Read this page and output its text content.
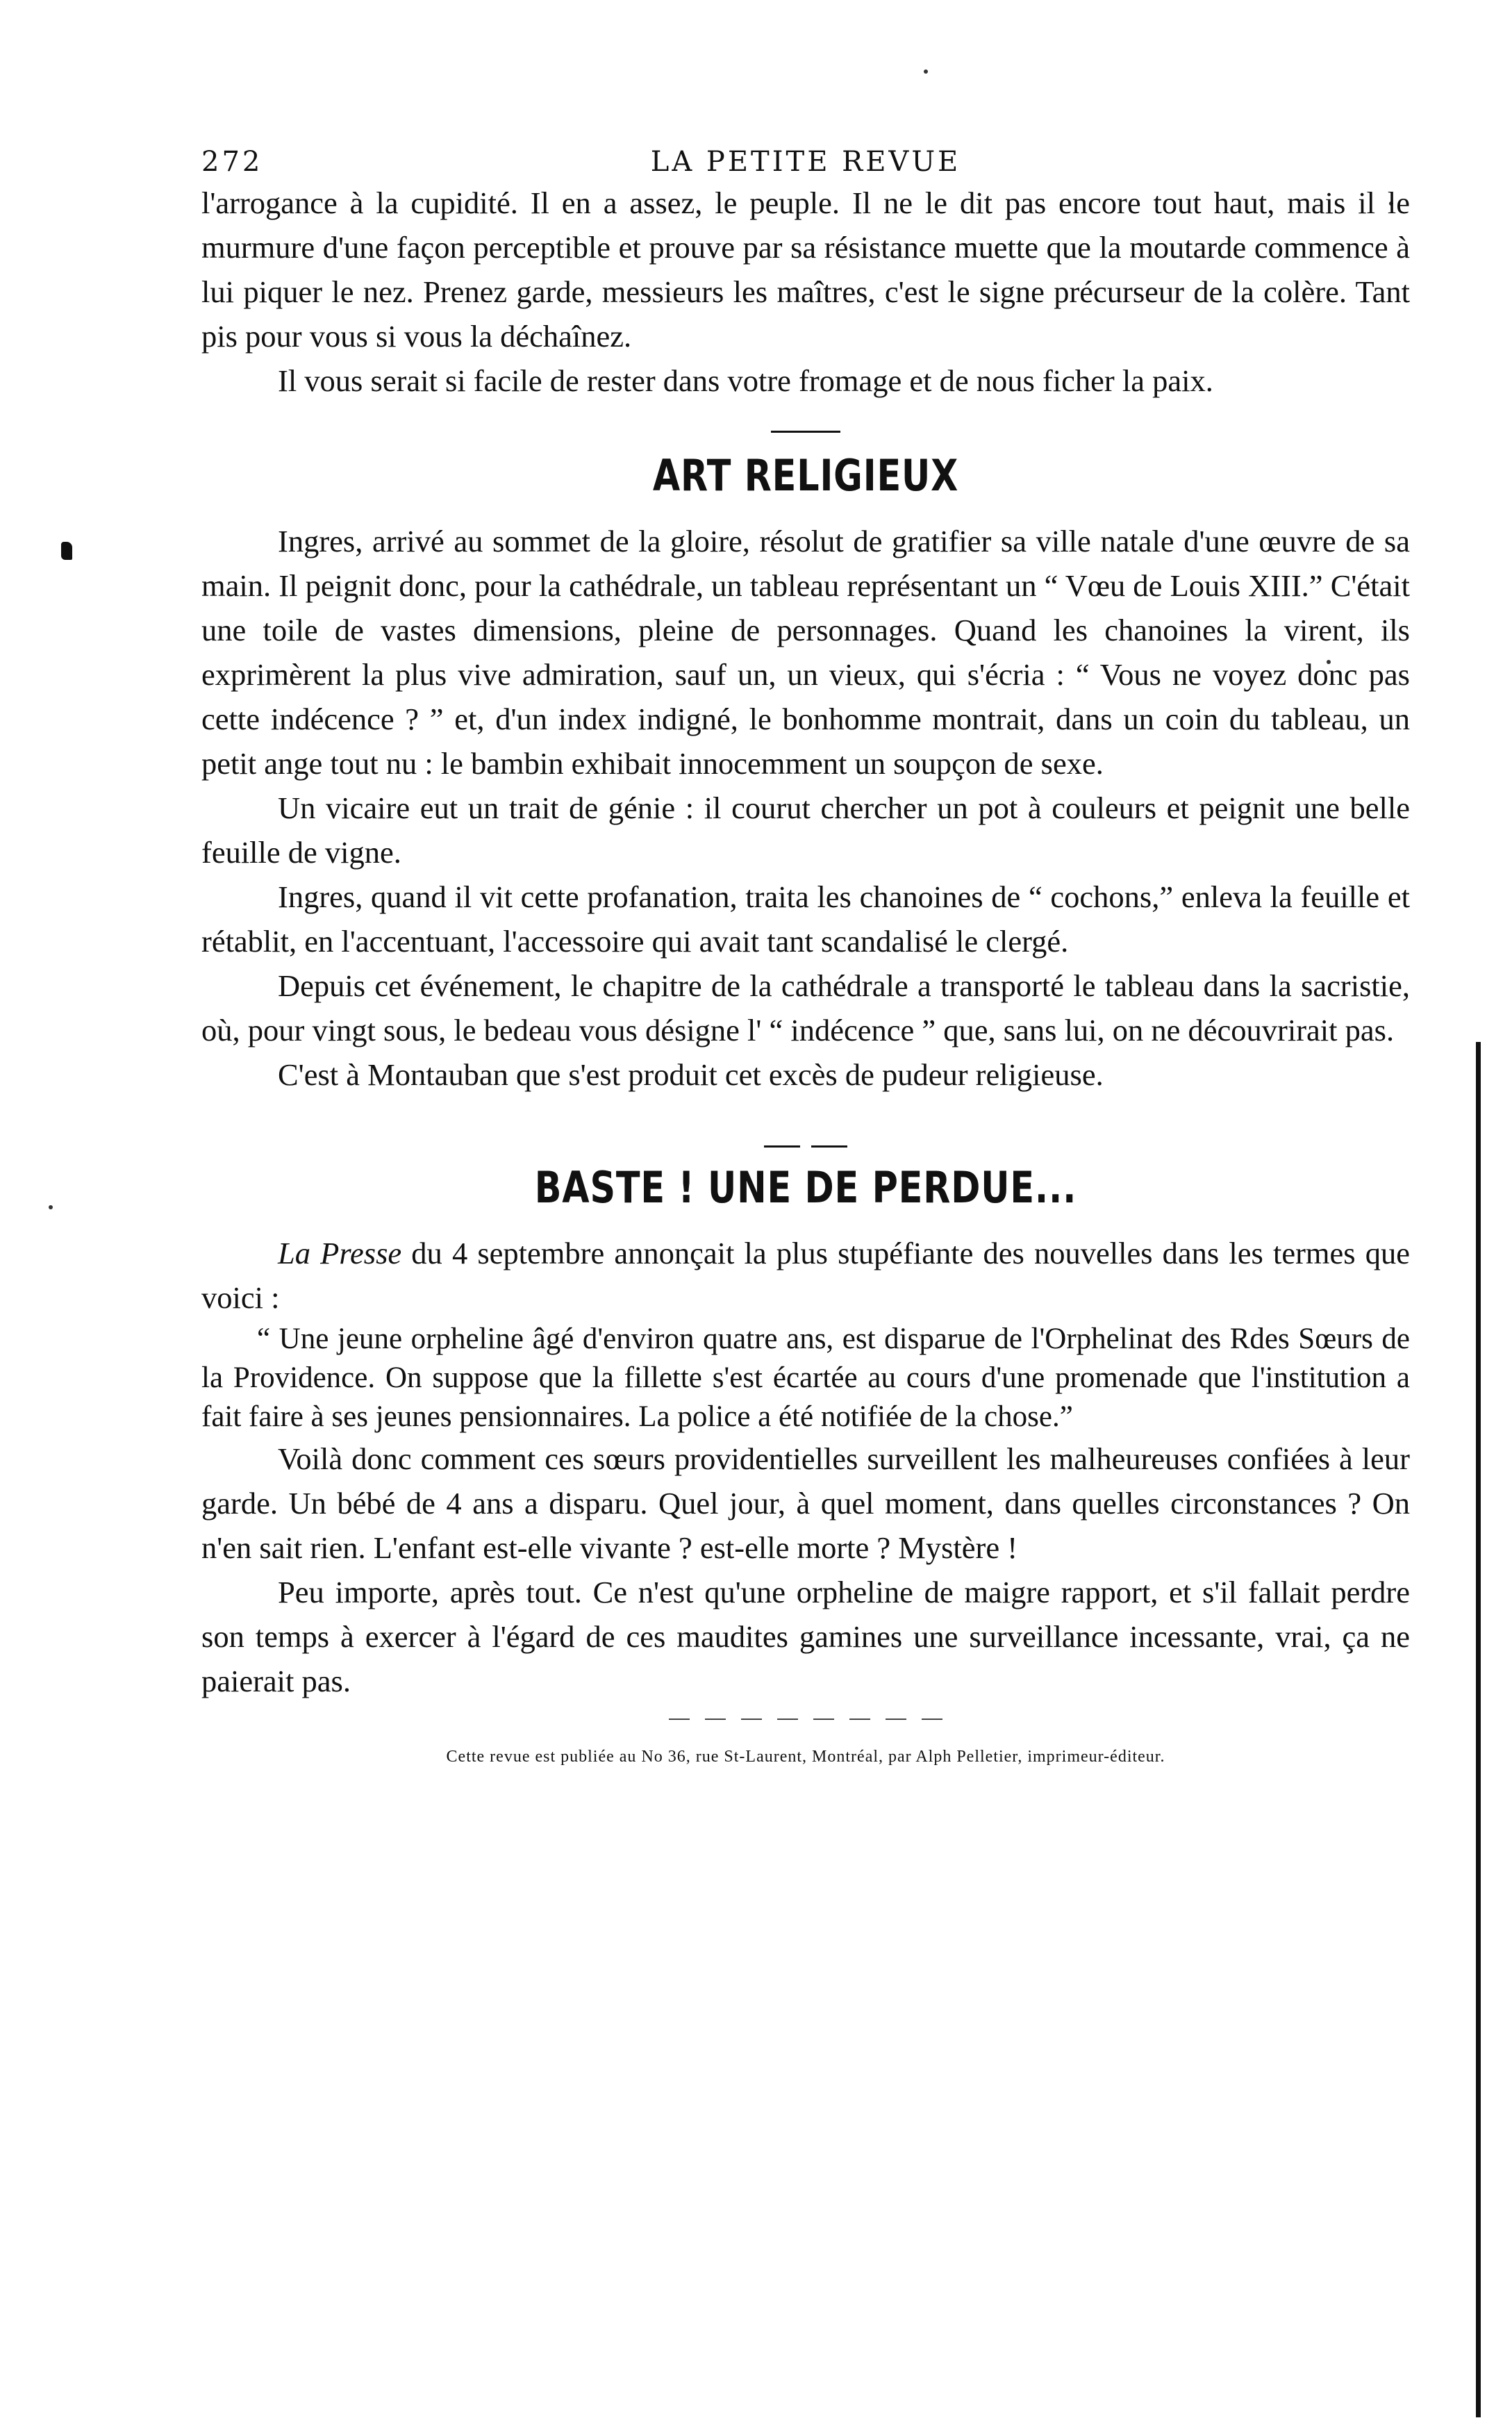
272	LA PETITE REVUE

l'arrogance à la cupidité. Il en a assez, le peuple. Il ne le dit pas encore tout haut, mais il le murmure d'une façon perceptible et prouve par sa résistance muette que la moutarde commence à lui piquer le nez. Prenez garde, messieurs les maîtres, c'est le signe précurseur de la colère. Tant pis pour vous si vous la déchaînez.

Il vous serait si facile de rester dans votre fromage et de nous ficher la paix.

ART RELIGIEUX

Ingres, arrivé au sommet de la gloire, résolut de gratifier sa ville natale d'une œuvre de sa main. Il peignit donc, pour la cathédrale, un tableau représentant un “ Vœu de Louis XIII.” C'était une toile de vastes dimensions, pleine de personnages. Quand les chanoines la virent, ils exprimèrent la plus vive admiration, sauf un, un vieux, qui s'écria : “ Vous ne voyez donc pas cette indécence ? ” et, d'un index indigné, le bonhomme montrait, dans un coin du tableau, un petit ange tout nu : le bambin exhibait innocemment un soupçon de sexe.

Un vicaire eut un trait de génie : il courut chercher un pot à couleurs et peignit une belle feuille de vigne.

Ingres, quand il vit cette profanation, traita les chanoines de “ cochons,” enleva la feuille et rétablit, en l'accentuant, l'accessoire qui avait tant scandalisé le clergé.

Depuis cet événement, le chapitre de la cathédrale a transporté le tableau dans la sacristie, où, pour vingt sous, le bedeau vous désigne l' “ indécence ” que, sans lui, on ne découvrirait pas.

C'est à Montauban que s'est produit cet excès de pudeur religieuse.

BASTE ! UNE DE PERDUE...

La Presse du 4 septembre annonçait la plus stupéfiante des nouvelles dans les termes que voici :

“ Une jeune orpheline âgé d'environ quatre ans, est disparue de l'Orphelinat des Rdes Sœurs de la Providence. On suppose que la fillette s'est écartée au cours d'une promenade que l'institution a fait faire à ses jeunes pensionnaires. La police a été notifiée de la chose.”

Voilà donc comment ces sœurs providentielles surveillent les malheureuses confiées à leur garde. Un bébé de 4 ans a disparu. Quel jour, à quel moment, dans quelles circonstances ? On n'en sait rien. L'enfant est-elle vivante ? est-elle morte ? Mystère !

Peu importe, après tout. Ce n'est qu'une orpheline de maigre rapport, et s'il fallait perdre son temps à exercer à l'égard de ces maudites gamines une surveillance incessante, vrai, ça ne paierait pas.

Cette revue est publiée au No 36, rue St-Laurent, Montréal, par Alph Pelletier, imprimeur-éditeur.
